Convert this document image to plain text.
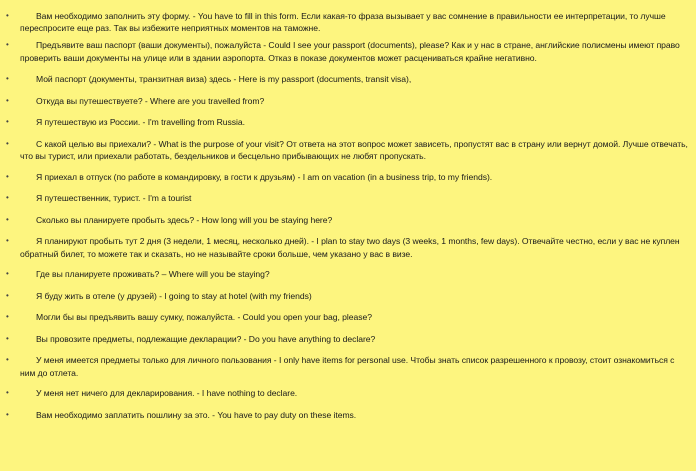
•	Вам необходимо заполнить эту форму. - You have to fill in this form. Если какая-то фраза вызывает у вас сомнение в правильности ее интерпретации, то лучше переспросите еще раз. Так вы избежите неприятных моментов на таможне.
•	Предъявите ваш паспорт (ваши документы), пожалуйста - Could I see your passport (documents), please? Как и у нас в стране, английские полисмены имеют право проверить ваши документы на улице или в здании аэропорта. Отказ в показе документов может расцениваться крайне негативно.
•	Мой паспорт (документы, транзитная виза) здесь - Here is my passport (documents, transit visa),
•	Откуда вы путешествуете? - Where are you travelled from?
•	Я путешествую из России. - I'm travelling from Russia.
•	С какой целью вы приехали? - What is the purpose of your visit? От ответа на этот вопрос может зависеть, пропустят вас в страну или вернут домой. Лучше отвечать, что вы турист, или приехали работать, бездельников и бесцельно прибывающих не любят пропускать.
•	Я приехал в отпуск (по работе в командировку, в гости к друзьям) - I am on vacation (in a business trip, to my friends).
•	Я путешественник, турист. - I'm a tourist
•	Сколько вы планируете пробыть здесь? - How long will you be staying here?
•	Я планируют пробыть тут 2 дня (3 недели, 1 месяц, несколько дней). - I plan to stay two days (3 weeks, 1 months, few days). Отвечайте честно, если у вас не куплен обратный билет, то можете так и сказать, но не называйте сроки больше, чем указано у вас в визе.
•	Где вы планируете проживать? – Where will you be staying?
•	Я буду жить в отеле (у друзей) - I going to stay at hotel (with my friends)
•	Могли бы вы предъявить вашу сумку, пожалуйста. - Could you open your bag, please?
•	Вы провозите предметы, подлежащие декларации? - Do you have anything to declare?
•	У меня имеется предметы только для личного пользования - I only have items for personal use. Чтобы знать список разрешенного к провозу, стоит ознакомиться с ним до отлета.
•	У меня нет ничего для декларирования. - I have nothing to declare.
•	Вам необходимо заплатить пошлину за это. - You have to pay duty on these items.
